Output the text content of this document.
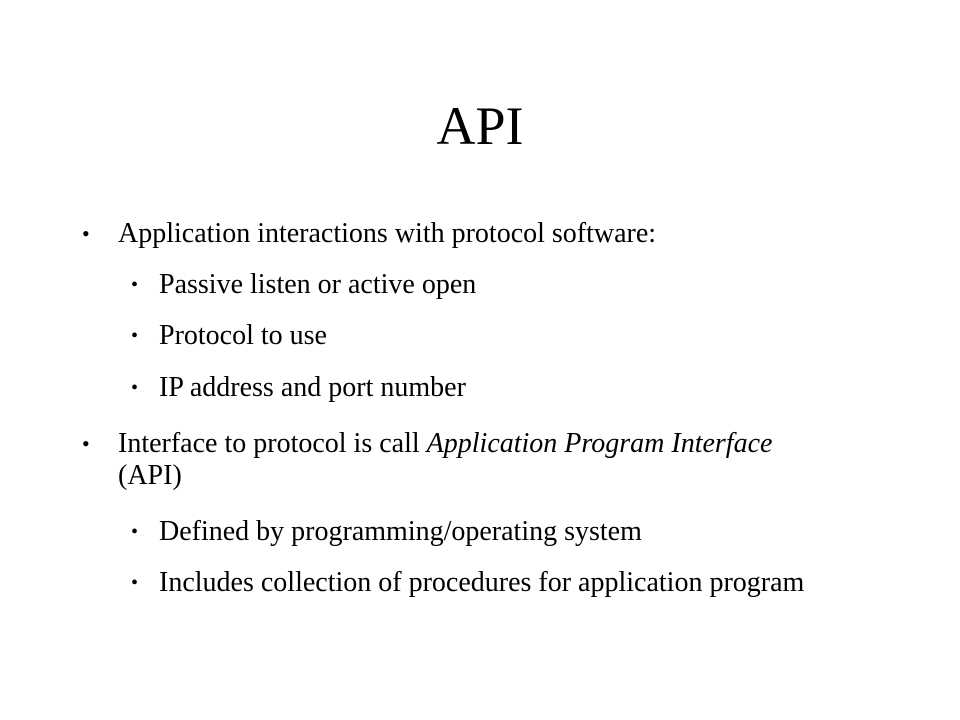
API
• Application interactions with protocol software:
• Passive listen or active open
• Protocol to use
• IP address and port number
• Interface to protocol is call Application Program Interface
(API)
• Defined by programming/operating system
• Includes collection of procedures for application program
